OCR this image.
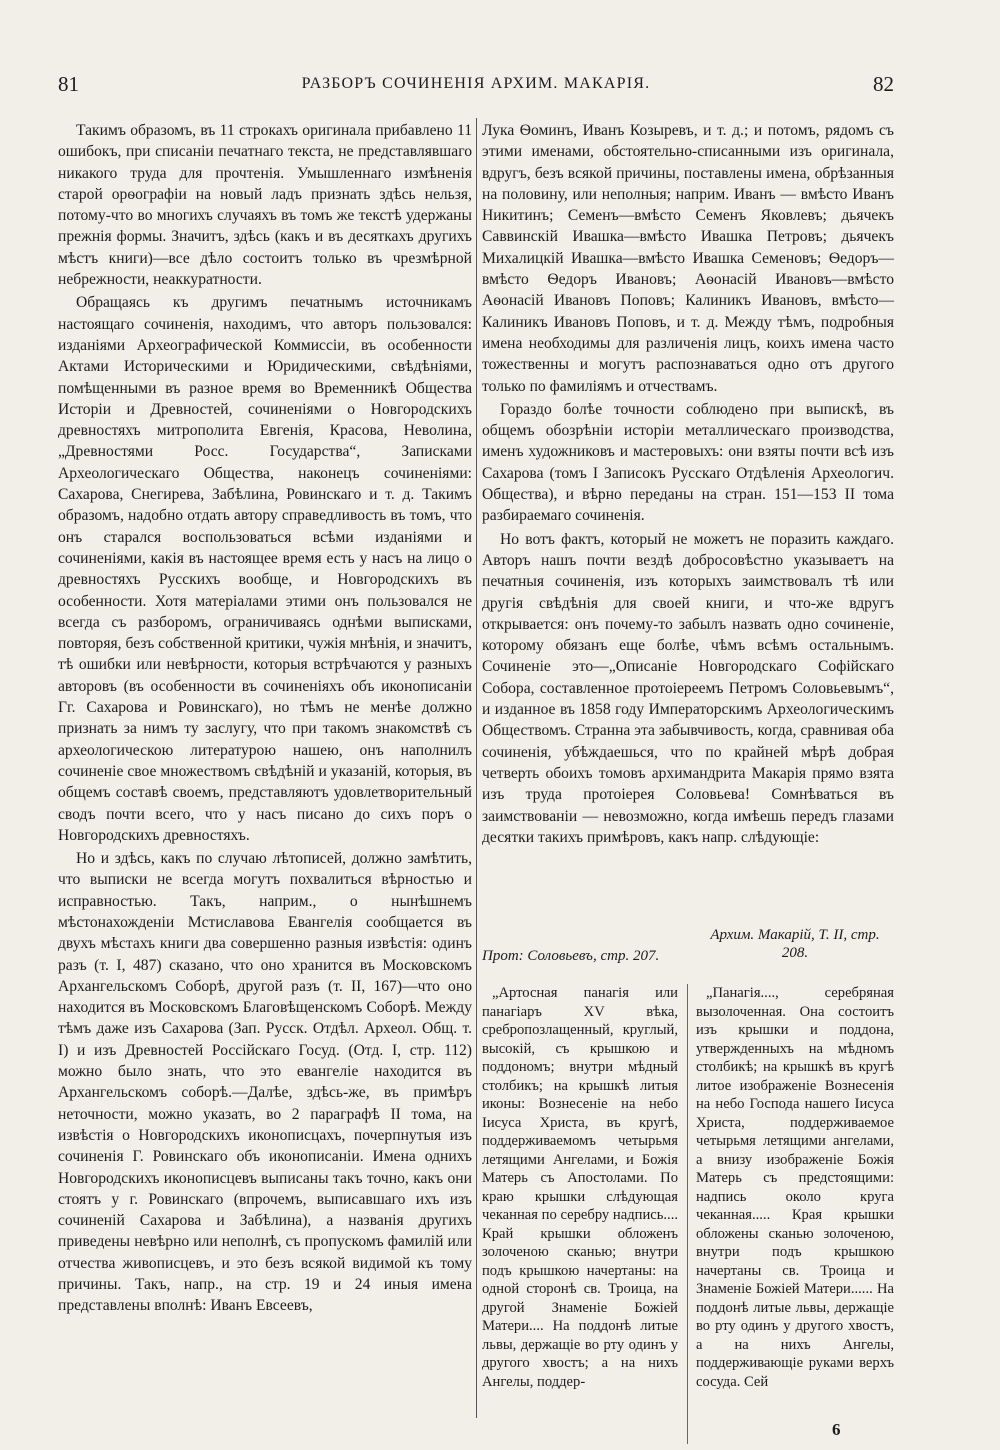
81	РАЗБОРЪ СОЧИНЕНІЯ АРХИМ. МАКАРІЯ.	82

Такимъ образомъ, въ 11 строкахъ оригинала прибавлено 11 ошибокъ, при списаніи печатнаго текста, не представлявшаго никакого труда для прочтенія. Умышленнаго измѣненія старой орѳографіи на новый ладъ признать здѣсь нельзя, потому-что во многихъ случаяхъ въ томъ же текстѣ удержаны прежнія формы. Значитъ, здѣсь (какъ и въ десяткахъ другихъ мѣстъ книги)—все дѣло состоитъ только въ чрезмѣрной небрежности, неаккуратности.

Обращаясь къ другимъ печатнымъ источникамъ настоящаго сочиненія, находимъ, что авторъ пользовался: изданіями Археографической Коммиссіи, въ особенности Актами Историческими и Юридическими, свѣдѣніями, помѣщенными въ разное время во Временникѣ Общества Исторіи и Древностей, сочиненіями о Новгородскихъ древностяхъ митрополита Евгенія, Красова, Неволина, „Древностями Росс. Государства“, Записками Археологическаго Общества, наконецъ сочиненіями: Сахарова, Снегирева, Забѣлина, Ровинскаго и т. д. Такимъ образомъ, надобно отдать автору справедливость въ томъ, что онъ старался воспользоваться всѣми изданіями и сочиненіями, какія въ настоящее время есть у насъ на лицо о древностяхъ Русскихъ вообще, и Новгородскихъ въ особенности. Хотя матеріалами этими онъ пользовался не всегда съ разборомъ, ограничиваясь однѣми выписками, повторяя, безъ собственной критики, чужія мнѣнія, и значитъ, тѣ ошибки или невѣрности, которыя встрѣчаются у разныхъ авторовъ (въ особенности въ сочиненіяхъ объ иконописаніи Гг. Сахарова и Ровинскаго), но тѣмъ не менѣе должно признать за нимъ ту заслугу, что при такомъ знакомствѣ съ археологическою литературою нашею, онъ наполнилъ сочиненіе свое множествомъ свѣдѣній и указаній, которыя, въ общемъ составѣ своемъ, представляютъ удовлетворительный сводъ почти всего, что у насъ писано до сихъ поръ о Новгородскихъ древностяхъ.

Но и здѣсь, какъ по случаю лѣтописей, должно замѣтить, что выписки не всегда могутъ похвалиться вѣрностью и исправностью. Такъ, наприм., о нынѣшнемъ мѣстонахожденіи Мстиславова Евангелія сообщается въ двухъ мѣстахъ книги два совершенно разныя извѣстія: одинъ разъ (т. I, 487) сказано, что оно хранится въ Московскомъ Архангельскомъ Соборѣ, другой разъ (т. II, 167)—что оно находится въ Московскомъ Благовѣщенскомъ Соборѣ. Между тѣмъ даже изъ Сахарова (Зап. Русск. Отдѣл. Археол. Общ. т. I) и изъ Древностей Россійскаго Госуд. (Отд. I, стр. 112) можно было знать, что это евангеліе находится въ Архангельскомъ соборѣ.—Далѣе, здѣсь-же, въ примѣръ неточности, можно указать, во 2 параграфѣ II тома, на извѣстія о Новгородскихъ иконописцахъ, почерпнутыя изъ сочиненія Г. Ровинскаго объ иконописаніи. Имена однихъ Новгородскихъ иконописцевъ выписаны такъ точно, какъ они стоятъ у г. Ровинскаго (впрочемъ, выписавшаго ихъ изъ сочиненій Сахарова и Забѣлина), а названія другихъ приведены невѣрно или неполнѣ, съ пропускомъ фамилій или отчества живописцевъ, и это безъ всякой видимой къ тому причины. Такъ, напр., на стр. 19 и 24 иныя имена представлены вполнѣ: Иванъ Евсеевъ,

Лука Ѳоминъ, Иванъ Козыревъ, и т. д.; и потомъ, рядомъ съ этими именами, обстоятельно-списанными изъ оригинала, вдругъ, безъ всякой причины, поставлены имена, обрѣзанныя на половину, или неполныя; наприм. Иванъ — вмѣсто Иванъ Никитинъ; Семенъ—вмѣсто Семенъ Яковлевъ; дьячекъ Саввинскій Ивашка—вмѣсто Ивашка Петровъ; дьячекъ Михалицкій Ивашка—вмѣсто Ивашка Семеновъ; Ѳедоръ—вмѣсто Ѳедоръ Ивановъ; Аѳонасій Ивановъ—вмѣсто Аѳонасій Ивановъ Поповъ; Калиникъ Ивановъ, вмѣсто—Калиникъ Ивановъ Поповъ, и т. д. Между тѣмъ, подробныя имена необходимы для различенія лицъ, коихъ имена часто тожественны и могутъ распознаваться одно отъ другого только по фамиліямъ и отчествамъ.

Гораздо болѣе точности соблюдено при выпискѣ, въ общемъ обозрѣніи исторіи металлическаго производства, именъ художниковъ и мастеровыхъ: они взяты почти всѣ изъ Сахарова (томъ I Записокъ Русскаго Отдѣленія Археологич. Общества), и вѣрно переданы на стран. 151—153 II тома разбираемаго сочиненія.

Но вотъ фактъ, который не можетъ не поразить каждаго. Авторъ нашъ почти вездѣ добросовѣстно указываетъ на печатныя сочиненія, изъ которыхъ заимствовалъ тѣ или другія свѣдѣнія для своей книги, и что-же вдругъ открывается: онъ почему-то забылъ назвать одно сочиненіе, которому обязанъ еще болѣе, чѣмъ всѣмъ остальнымъ. Сочиненіе это—„Описаніе Новгородскаго Софійскаго Собора, составленное протоіереемъ Петромъ Соловьевымъ“, и изданное въ 1858 году Императорскимъ Археологическимъ Обществомъ. Странна эта забывчивость, когда, сравнивая оба сочиненія, убѣждаешься, что по крайней мѣрѣ добрая четверть обоихъ томовъ архимандрита Макарія прямо взята изъ труда протоіерея Соловьева! Сомнѣваться въ заимствованіи — невозможно, когда имѣешь передъ глазами десятки такихъ примѣровъ, какъ напр. слѣдующіе:

Прот: Соловьевъ, стр. 207.
Архим. Макарій, Т. II, стр. 208.

„Артосная панагія или панагіаръ XV вѣка, сребропозлащенный, круглый, высокій, съ крышкою и поддономъ; внутри мѣдный столбикъ; на крышкѣ литыя иконы: Вознесеніе на небо Іисуса Христа, въ кругѣ, поддерживаемомъ четырьмя летящими Ангелами, и Божія Матерь съ Апостолами. По краю крышки слѣдующая чеканная по серебру надпись.... Край крышки обложенъ золоченою сканью; внутри подъ крышкою начертаны: на одной сторонѣ св. Троица, на другой Знаменіе Божіей Матери.... На поддонѣ литые львы, держащіе во рту одинъ у другого хвостъ; а на нихъ Ангелы, поддер-

„Панагія...., серебряная вызолоченная. Она состоитъ изъ крышки и поддона, утвержденныхъ на мѣдномъ столбикѣ; на крышкѣ въ кругѣ литое изображеніе Вознесенія на небо Господа нашего Іисуса Христа, поддерживаемое четырьмя летящими ангелами, а внизу изображеніе Божія Матерь съ предстоящими: надпись около круга чеканная..... Края крышки обложены сканью золоченою, внутри подъ крышкою начертаны св. Троица и Знаменіе Божіей Матери...... На поддонѣ литые львы, держащіе во рту одинъ у другого хвостъ, а на нихъ Ангелы, поддерживающіе руками верхъ сосуда. Сей

6
